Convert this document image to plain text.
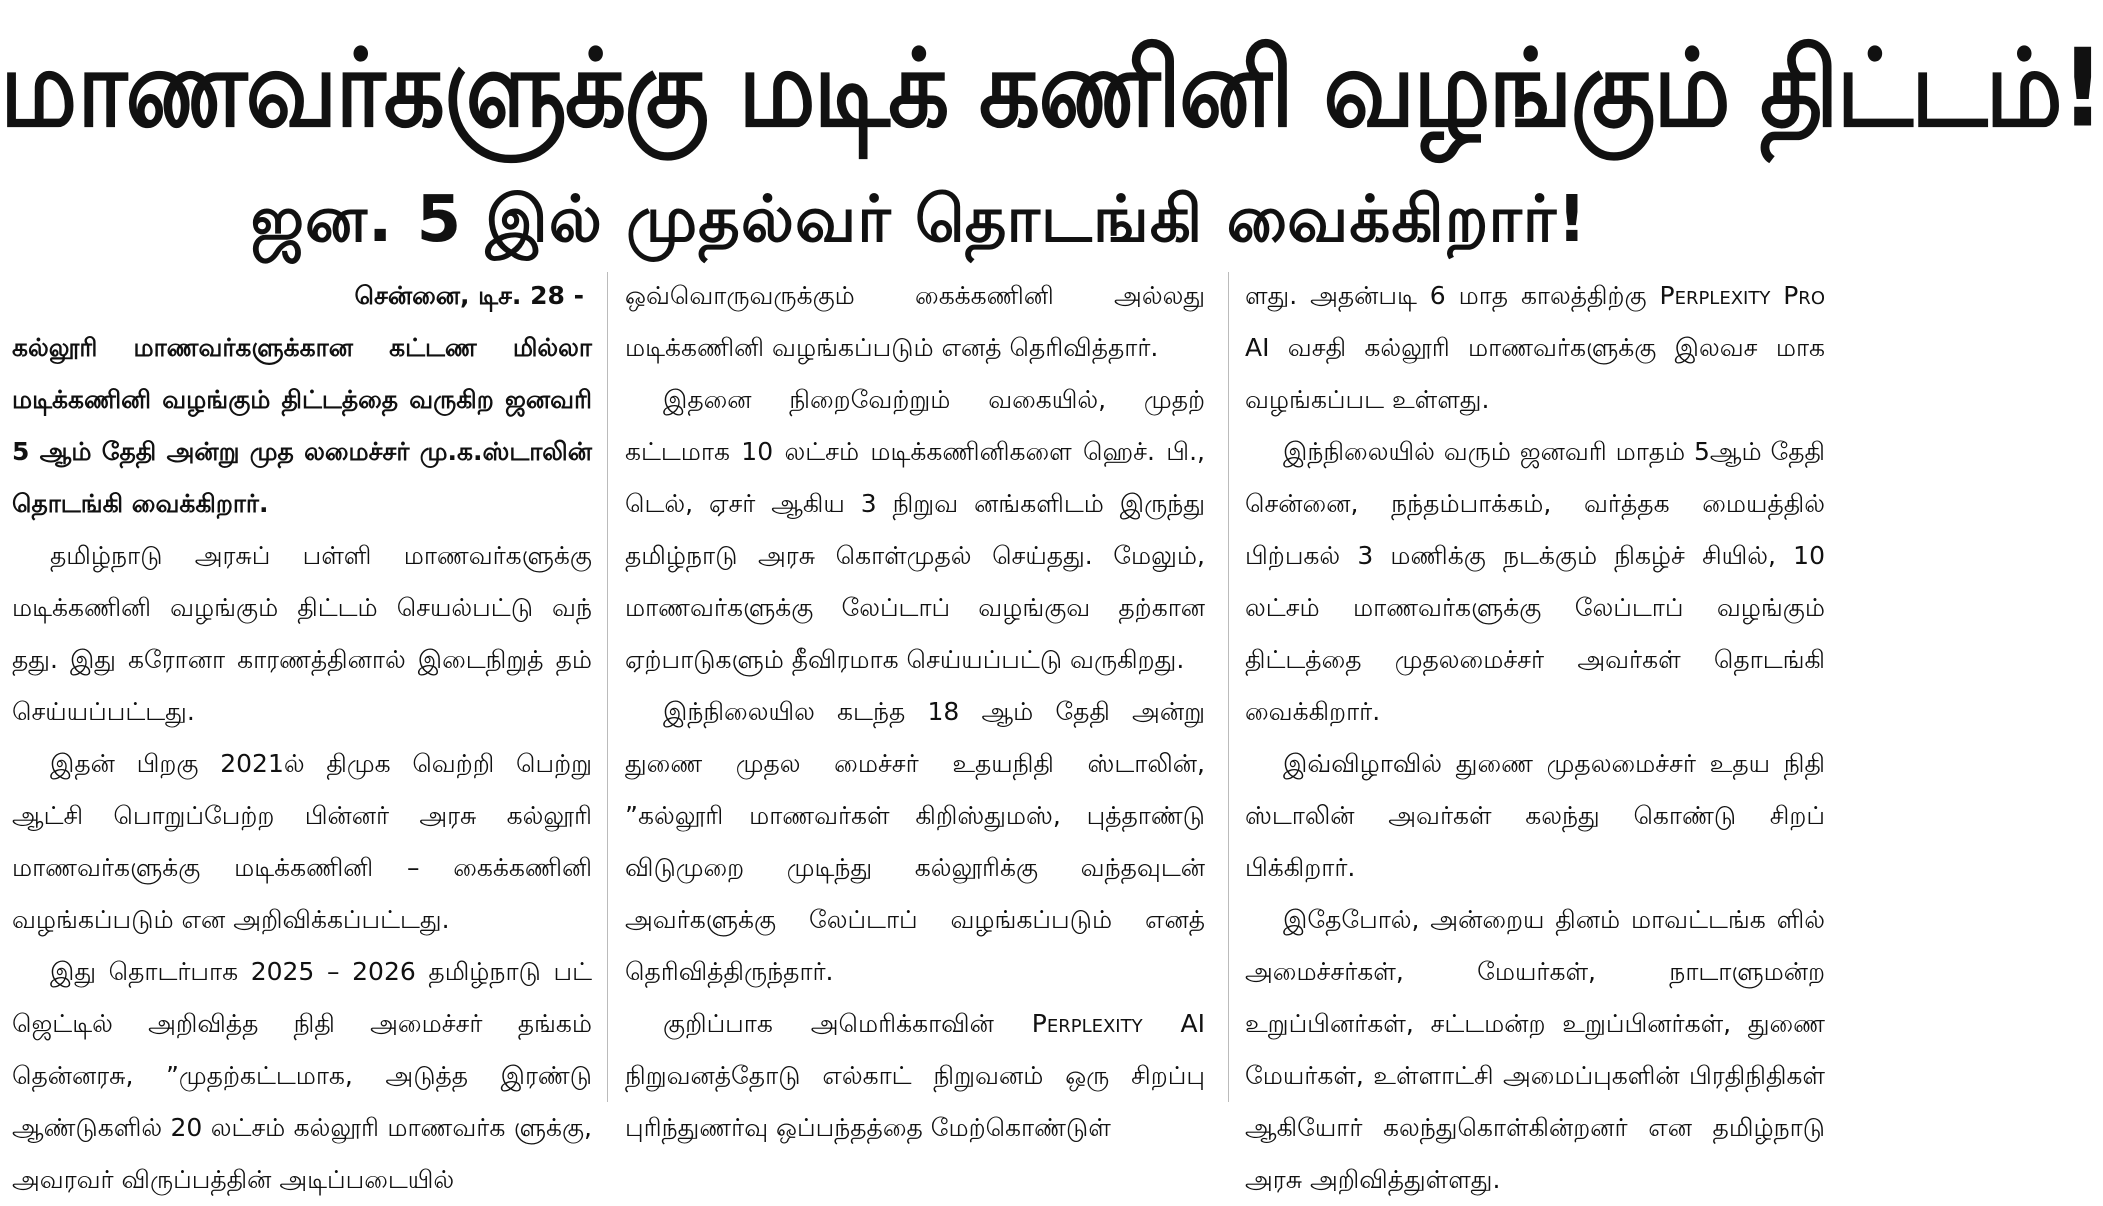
மாணவர்களுக்கு மடிக் கணினி வழங்கும் திட்டம்!
ஜன. 5 இல் முதல்வர் தொடங்கி வைக்கிறார்!

சென்னை, டிச. 28 -

கல்லூரி மாணவர்களுக்கான கட்டண மில்லா மடிக்கணினி வழங்கும் திட்டத்தை வருகிற ஜனவரி 5 ஆம் தேதி அன்று முத லமைச்சர் மு.க.ஸ்டாலின் தொடங்கி வைக்கிறார்.

தமிழ்நாடு அரசுப் பள்ளி மாணவர்களுக்கு மடிக்கணினி வழங்கும் திட்டம் செயல்பட்டு வந் தது. இது கரோனா காரணத்தினால் இடைநிறுத் தம் செய்யப்பட்டது.

இதன் பிறகு 2021ல் திமுக வெற்றி பெற்று ஆட்சி பொறுப்பேற்ற பின்னர் அரசு கல்லூரி மாணவர்களுக்கு மடிக்கணினி – கைக்கணினி வழங்கப்படும் என அறிவிக்கப்பட்டது.

இது தொடர்பாக 2025 – 2026 தமிழ்நாடு பட் ஜெட்டில் அறிவித்த நிதி அமைச்சர் தங்கம் தென்னரசு, ”முதற்கட்டமாக, அடுத்த இரண்டு ஆண்டுகளில் 20 லட்சம் கல்லூரி மாணவர்க ளுக்கு, அவரவர் விருப்பத்தின் அடிப்படையில்

ஒவ்வொருவருக்கும் கைக்கணினி அல்லது மடிக்கணினி வழங்கப்படும் எனத் தெரிவித்தார்.

இதனை நிறைவேற்றும் வகையில், முதற் கட்டமாக 10 லட்சம் மடிக்கணினிகளை ஹெச். பி., டெல், ஏசர் ஆகிய 3 நிறுவ னங்களிடம் இருந்து தமிழ்நாடு அரசு கொள்முதல் செய்தது. மேலும், மாணவர்களுக்கு லேப்டாப் வழங்குவ தற்கான ஏற்பாடுகளும் தீவிரமாக செய்யப்பட்டு வருகிறது.

இந்நிலையில கடந்த 18 ஆம் தேதி அன்று துணை முதல மைச்சர் உதயநிதி ஸ்டாலின், ”கல்லூரி மாணவர்கள் கிறிஸ்துமஸ், புத்தாண்டு விடுமுறை முடிந்து கல்லூரிக்கு வந்தவுடன் அவர்களுக்கு லேப்டாப் வழங்கப்படும் எனத் தெரிவித்திருந்தார்.

குறிப்பாக அமெரிக்காவின் Perplexity AI நிறுவனத்தோடு எல்காட் நிறுவனம் ஒரு சிறப்பு புரிந்துணர்வு ஒப்பந்தத்தை மேற்கொண்டுள்

ளது. அதன்படி 6 மாத காலத்திற்கு Perplexity Pro AI வசதி கல்லூரி மாணவர்களுக்கு இலவச மாக வழங்கப்பட உள்ளது.

இந்நிலையில் வரும் ஜனவரி மாதம் 5ஆம் தேதி சென்னை, நந்தம்பாக்கம், வர்த்தக மையத்தில் பிற்பகல் 3 மணிக்கு நடக்கும் நிகழ்ச் சியில், 10 லட்சம் மாணவர்களுக்கு லேப்டாப் வழங்கும் திட்டத்தை முதலமைச்சர் அவர்கள் தொடங்கி வைக்கிறார்.

இவ்விழாவில் துணை முதலமைச்சர் உதய நிதி ஸ்டாலின் அவர்கள் கலந்து கொண்டு சிறப் பிக்கிறார்.

இதேபோல், அன்றைய தினம் மாவட்டங்க ளில் அமைச்சர்கள், மேயர்கள், நாடாளுமன்ற உறுப்பினர்கள், சட்டமன்ற உறுப்பினர்கள், துணை மேயர்கள், உள்ளாட்சி அமைப்புகளின் பிரதிநிதிகள் ஆகியோர் கலந்துகொள்கின்றனர் என தமிழ்நாடு அரசு அறிவித்துள்ளது.
